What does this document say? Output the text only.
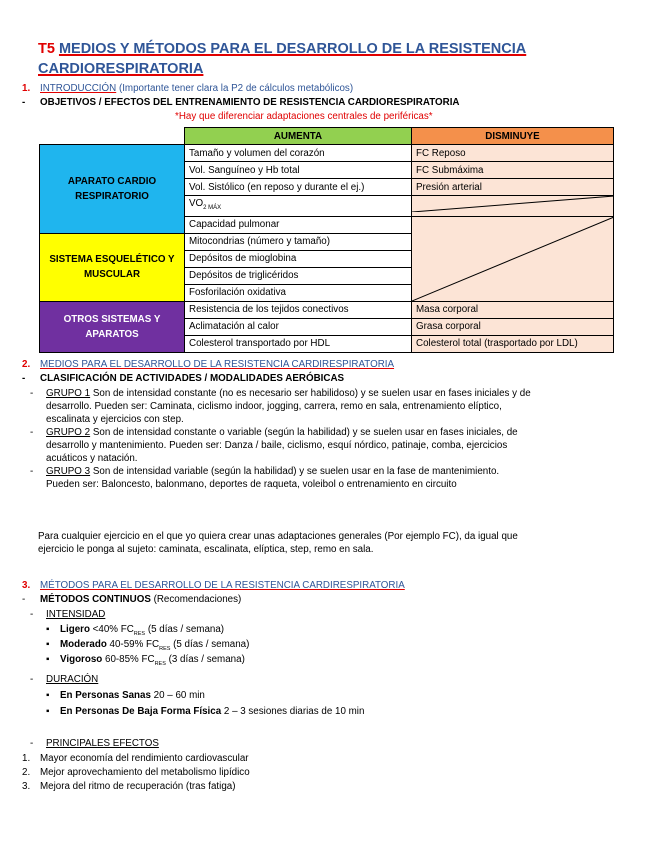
T5 MEDIOS Y MÉTODOS PARA EL DESARROLLO DE LA RESISTENCIA
CARDIORESPIRATORIA
1. INTRODUCCIÓN (Importante tener clara la P2 de cálculos metabólicos)
- OBJETIVOS / EFECTOS DEL ENTRENAMIENTO DE RESISTENCIA CARDIORESPIRATORIA
*Hay que diferenciar adaptaciones centrales de periféricas*
	AUMENTA	DISMINUYE
APARATO CARDIO RESPIRATORIO	Tamaño y volumen del corazón	FC Reposo
	Vol. Sanguíneo y Hb total	FC Submáxima
	Vol. Sistólico (en reposo y durante el ej.)	Presión arterial
	$VO_{2 MÁX}$	

	Capacidad pulmonar	

SISTEMA ESQUELÉTICO Y MUSCULAR	Mitocondrias (número y tamaño)	
	Depósitos de mioglobina	
	Depósitos de triglicéridos	
	Fosforilación oxidativa	
OTROS SISTEMAS Y APARATOS	Resistencia de los tejidos conectivos	Masa corporal
	Aclimatación al calor	Grasa corporal
	Colesterol transportado por HDL	Colesterol total (trasportado por LDL)
2. MEDIOS PARA EL DESARROLLO DE LA RESISTENCIA CARDIRESPIRATORIA
- CLASIFICACIÓN DE ACTIVIDADES / MODALIDADES AERÓBICAS
- GRUPO 1 Son de intensidad constante (no es necesario ser habilidoso) y se suelen usar en fases iniciales y de
desarrollo. Pueden ser: Caminata, ciclismo indoor, jogging, carrera, remo en sala, entrenamiento elíptico,
escalinata y ejercicios con step.
- GRUPO 2 Son de intensidad constante o variable (según la habilidad) y se suelen usar en fases iniciales, de
desarrollo y mantenimiento. Pueden ser: Danza / baile, ciclismo, esquí nórdico, patinaje, comba, ejercicios
acuáticos y natación.
- GRUPO 3 Son de intensidad variable (según la habilidad) y se suelen usar en la fase de mantenimiento.
Pueden ser: Baloncesto, balonmano, deportes de raqueta, voleibol o entrenamiento en circuito
Para cualquier ejercicio en el que yo quiera crear unas adaptaciones generales (Por ejemplo FC), da igual que
ejercicio le ponga al sujeto: caminata, escalinata, elíptica, step, remo en sala.
3. MÉTODOS PARA EL DESARROLLO DE LA RESISTENCIA CARDIRESPIRATORIA
- MÉTODOS CONTINUOS (Recomendaciones)
- INTENSIDAD
▪ Ligero <40% $FC_{RES}$ (5 días / semana)
▪ Moderado 40-59% $FC_{RES}$ (5 días / semana)
▪ Vigoroso 60-85% $FC_{RES}$ (3 días / semana)
- DURACIÓN
▪ En Personas Sanas 20 – 60 min
▪ En Personas De Baja Forma Física 2 – 3 sesiones diarias de 10 min
- PRINCIPALES EFECTOS
1. Mayor economía del rendimiento cardiovascular
2. Mejor aprovechamiento del metabolismo lipídico
3. Mejora del ritmo de recuperación (tras fatiga)
